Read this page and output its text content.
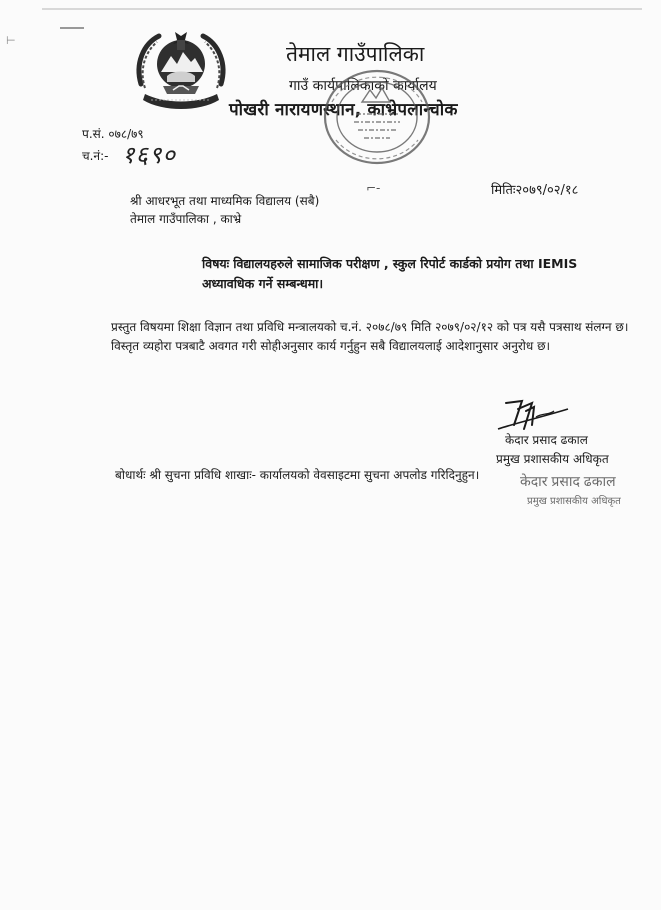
⊢
तेमाल गाउँपालिका
गाउँ कार्यपालिकाको कार्यालय
पोखरी नारायणस्थान, काभ्रेपलान्चोक
प.सं. ०७८/७९
च.नं:- १६९०
⌐-	मितिः२०७९/०२/१८
श्री आधरभूत तथा माध्यमिक विद्यालय (सबै)
तेमाल गाउँपालिका , काभ्रे
विषयः विद्यालयहरुले सामाजिक परीक्षण , स्कुल रिपोर्ट कार्डको प्रयोग तथा IEMIS अध्यावधिक गर्ने सम्बन्धमा।
प्रस्तुत विषयमा शिक्षा विज्ञान तथा प्रविधि मन्त्रालयको च.नं. २०७८/७९ मिति २०७९/०२/१२ को पत्र यसै पत्रसाथ संलग्न छ। विस्तृत व्यहोरा पत्रबाटै अवगत गरी सोहीअनुसार कार्य गर्नुहुन सबै विद्यालयलाई आदेशानुसार अनुरोध छ।
केदार प्रसाद ढकाल
प्रमुख प्रशासकीय अधिकृत
बोधार्थः श्री सुचना प्रविधि शाखाः- कार्यालयको वेवसाइटमा सुचना अपलोड गरिदिनुहुन।	केदार प्रसाद ढकाल
प्रमुख प्रशासकीय अधिकृत
